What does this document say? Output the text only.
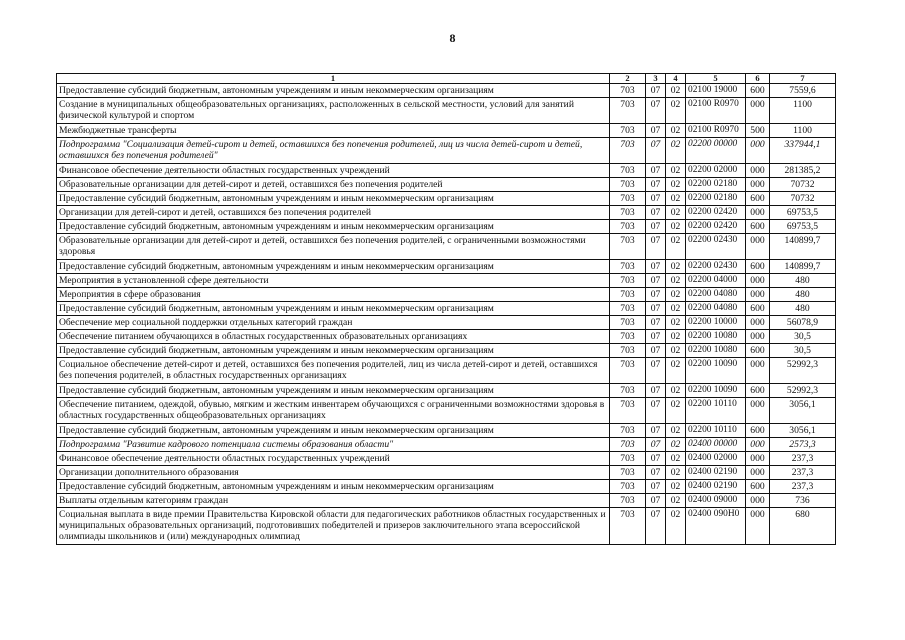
8
1	2	3	4	5	6	7
Предоставление субсидий бюджетным, автономным учреждениям и иным некоммерческим организациям	703	07	02	02100 19000	600	7559,6
Создание в муниципальных общеобразовательных организациях, расположенных в сельской местности, условий для занятий физической культурой и спортом	703	07	02	02100 R0970	000	1100
Межбюджетные трансферты	703	07	02	02100 R0970	500	1100
Подпрограмма "Социализация детей-сирот и детей, оставшихся без попечения родителей, лиц из числа детей-сирот и детей, оставшихся без попечения родителей"	703	07	02	02200 00000	000	337944,1
Финансовое обеспечение деятельности областных государственных учреждений	703	07	02	02200 02000	000	281385,2
Образовательные организации для детей-сирот и детей, оставшихся без попечения родителей	703	07	02	02200 02180	000	70732
Предоставление субсидий бюджетным, автономным учреждениям и иным некоммерческим организациям	703	07	02	02200 02180	600	70732
Организации для детей-сирот и детей, оставшихся без попечения родителей	703	07	02	02200 02420	000	69753,5
Предоставление субсидий бюджетным, автономным учреждениям и иным некоммерческим организациям	703	07	02	02200 02420	600	69753,5
Образовательные организации для детей-сирот и детей, оставшихся без попечения родителей, с ограниченными возможностями здоровья	703	07	02	02200 02430	000	140899,7
Предоставление субсидий бюджетным, автономным учреждениям и иным некоммерческим организациям	703	07	02	02200 02430	600	140899,7
Мероприятия в установленной сфере деятельности	703	07	02	02200 04000	000	480
Мероприятия в сфере образования	703	07	02	02200 04080	000	480
Предоставление субсидий бюджетным, автономным учреждениям и иным некоммерческим организациям	703	07	02	02200 04080	600	480
Обеспечение мер социальной поддержки отдельных категорий граждан	703	07	02	02200 10000	000	56078,9
Обеспечение питанием обучающихся в областных государственных образовательных организациях	703	07	02	02200 10080	000	30,5
Предоставление субсидий бюджетным, автономным учреждениям и иным некоммерческим организациям	703	07	02	02200 10080	600	30,5
Социальное обеспечение детей-сирот и детей, оставшихся без попечения родителей, лиц из числа детей-сирот и детей, оставшихся без попечения родителей, в областных государственных организациях	703	07	02	02200 10090	000	52992,3
Предоставление субсидий бюджетным, автономным учреждениям и иным некоммерческим организациям	703	07	02	02200 10090	600	52992,3
Обеспечение питанием, одеждой, обувью, мягким и жестким инвентарем обучающихся с ограниченными возможностями здоровья в областных государственных общеобразовательных организациях	703	07	02	02200 10110	000	3056,1
Предоставление субсидий бюджетным, автономным учреждениям и иным некоммерческим организациям	703	07	02	02200 10110	600	3056,1
Подпрограмма "Развитие кадрового потенциала системы образования области"	703	07	02	02400 00000	000	2573,3
Финансовое обеспечение деятельности областных государственных учреждений	703	07	02	02400 02000	000	237,3
Организации дополнительного образования	703	07	02	02400 02190	000	237,3
Предоставление субсидий бюджетным, автономным учреждениям и иным некоммерческим организациям	703	07	02	02400 02190	600	237,3
Выплаты отдельным категориям граждан	703	07	02	02400 09000	000	736
Социальная выплата в виде премии Правительства Кировской области для педагогических работников областных государственных и муниципальных образовательных организаций, подготовивших победителей и призеров заключительного этапа всероссийской олимпиады школьников и (или) международных олимпиад	703	07	02	02400 090H0	000	680
